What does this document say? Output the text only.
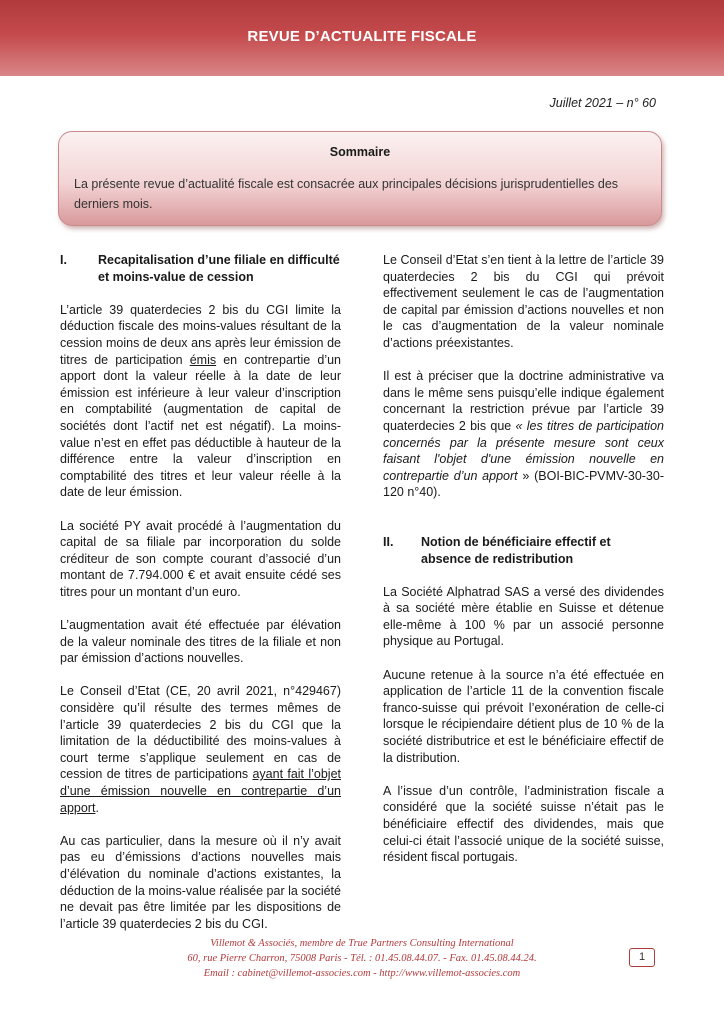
REVUE D’ACTUALITE FISCALE
Juillet 2021 – n° 60
Sommaire
La présente revue d’actualité fiscale est consacrée aux principales décisions jurisprudentielles des derniers mois.
I.	Recapitalisation d’une filiale en difficulté et moins-value de cession

L’article 39 quaterdecies 2 bis du CGI limite la déduction fiscale des moins-values résultant de la cession moins de deux ans après leur émission de titres de participation émis en contrepartie d’un apport dont la valeur réelle à la date de leur émission est inférieure à leur valeur d’inscription en comptabilité (augmentation de capital de sociétés dont l’actif net est négatif). La moins-value n’est en effet pas déductible à hauteur de la différence entre la valeur d’inscription en comptabilité des titres et leur valeur réelle à la date de leur émission.

La société PY avait procédé à l’augmentation du capital de sa filiale par incorporation du solde créditeur de son compte courant d’associé d’un montant de 7.794.000 € et avait ensuite cédé ses titres pour un montant d’un euro.

L’augmentation avait été effectuée par élévation de la valeur nominale des titres de la filiale et non par émission d’actions nouvelles.

Le Conseil d’Etat (CE, 20 avril 2021, n°429467) considère qu’il résulte des termes mêmes de l’article 39 quaterdecies 2 bis du CGI que la limitation de la déductibilité des moins-values à court terme s’applique seulement en cas de cession de titres de participations ayant fait l’objet d’une émission nouvelle en contrepartie d’un apport.

Au cas particulier, dans la mesure où il n’y avait pas eu d’émissions d’actions nouvelles mais d’élévation du nominale d’actions existantes, la déduction de la moins-value réalisée par la société ne devait pas être limitée par les dispositions de l’article 39 quaterdecies 2 bis du CGI.

Le Conseil d’Etat s’en tient à la lettre de l’article 39 quaterdecies 2 bis du CGI qui prévoit effectivement seulement le cas de l’augmentation de capital par émission d’actions nouvelles et non le cas d’augmentation de la valeur nominale d’actions préexistantes.

Il est à préciser que la doctrine administrative va dans le même sens puisqu’elle indique également concernant la restriction prévue par l’article 39 quaterdecies 2 bis que « les titres de participation concernés par la présente mesure sont ceux faisant l'objet d'une émission nouvelle en contrepartie d’un apport » (BOI-BIC-PVMV-30-30-120 n°40).

II.	Notion de bénéficiaire effectif et absence de redistribution

La Société Alphatrad SAS a versé des dividendes à sa société mère établie en Suisse et détenue elle-même à 100 % par un associé personne physique au Portugal.

Aucune retenue à la source n’a été effectuée en application de l’article 11 de la convention fiscale franco-suisse qui prévoit l’exonération de celle-ci lorsque le récipiendaire détient plus de 10 % de la société distributrice et est le bénéficiaire effectif de la distribution.

A l’issue d’un contrôle, l’administration fiscale a considéré que la société suisse n’était pas le bénéficiaire effectif des dividendes, mais que celui-ci était l’associé unique de la société suisse, résident fiscal portugais.

Villemot & Associés, membre de True Partners Consulting International
60, rue Pierre Charron, 75008 Paris - Tél. : 01.45.08.44.07. - Fax. 01.45.08.44.24.
Email : cabinet@villemot-associes.com - http://www.villemot-associes.com
1
